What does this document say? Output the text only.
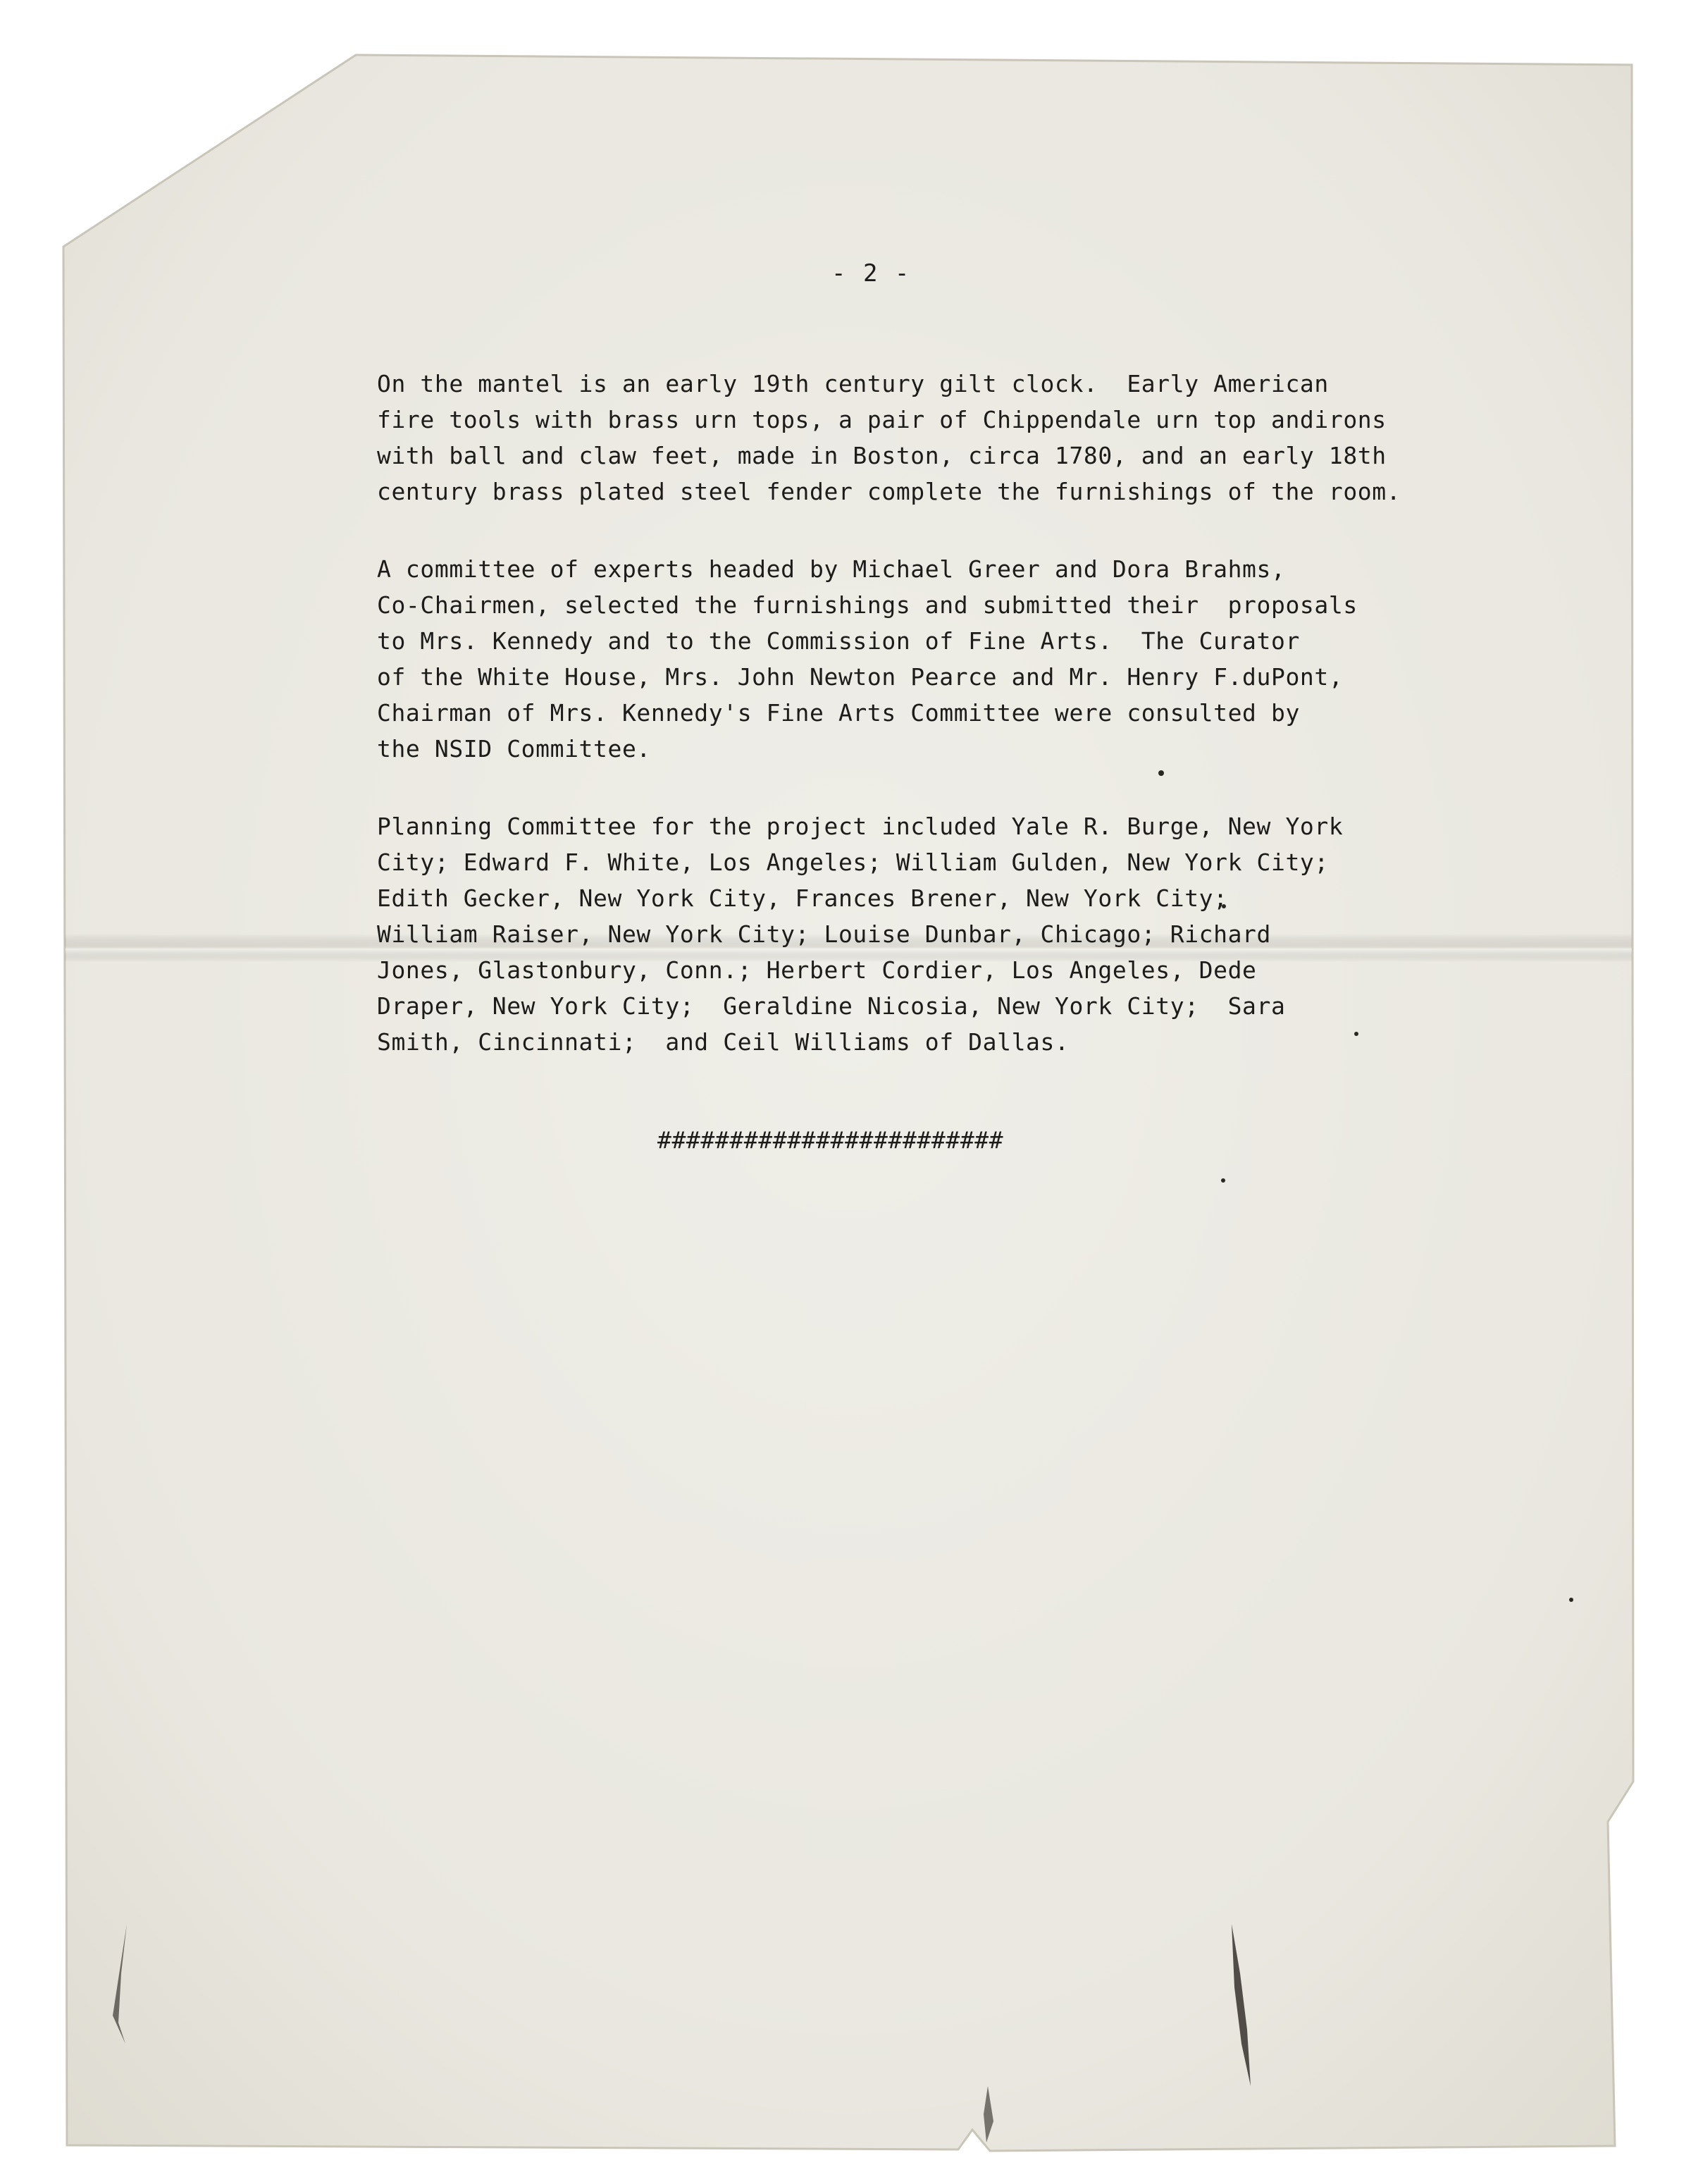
- 2 -
On the mantel is an early 19th century gilt clock.  Early American
fire tools with brass urn tops, a pair of Chippendale urn top andirons
with ball and claw feet, made in Boston, circa 1780, and an early 18th
century brass plated steel fender complete the furnishings of the room.
A committee of experts headed by Michael Greer and Dora Brahms,
Co-Chairmen, selected the furnishings and submitted their  proposals
to Mrs. Kennedy and to the Commission of Fine Arts.  The Curator
of the White House, Mrs. John Newton Pearce and Mr. Henry F.duPont,
Chairman of Mrs. Kennedy's Fine Arts Committee were consulted by
the NSID Committee.
Planning Committee for the project included Yale R. Burge, New York
City; Edward F. White, Los Angeles; William Gulden, New York City;
Edith Gecker, New York City, Frances Brener, New York City;
William Raiser, New York City; Louise Dunbar, Chicago; Richard
Jones, Glastonbury, Conn.; Herbert Cordier, Los Angeles, Dede
Draper, New York City;  Geraldine Nicosia, New York City;  Sara
Smith, Cincinnati;  and Ceil Williams of Dallas.
########################
